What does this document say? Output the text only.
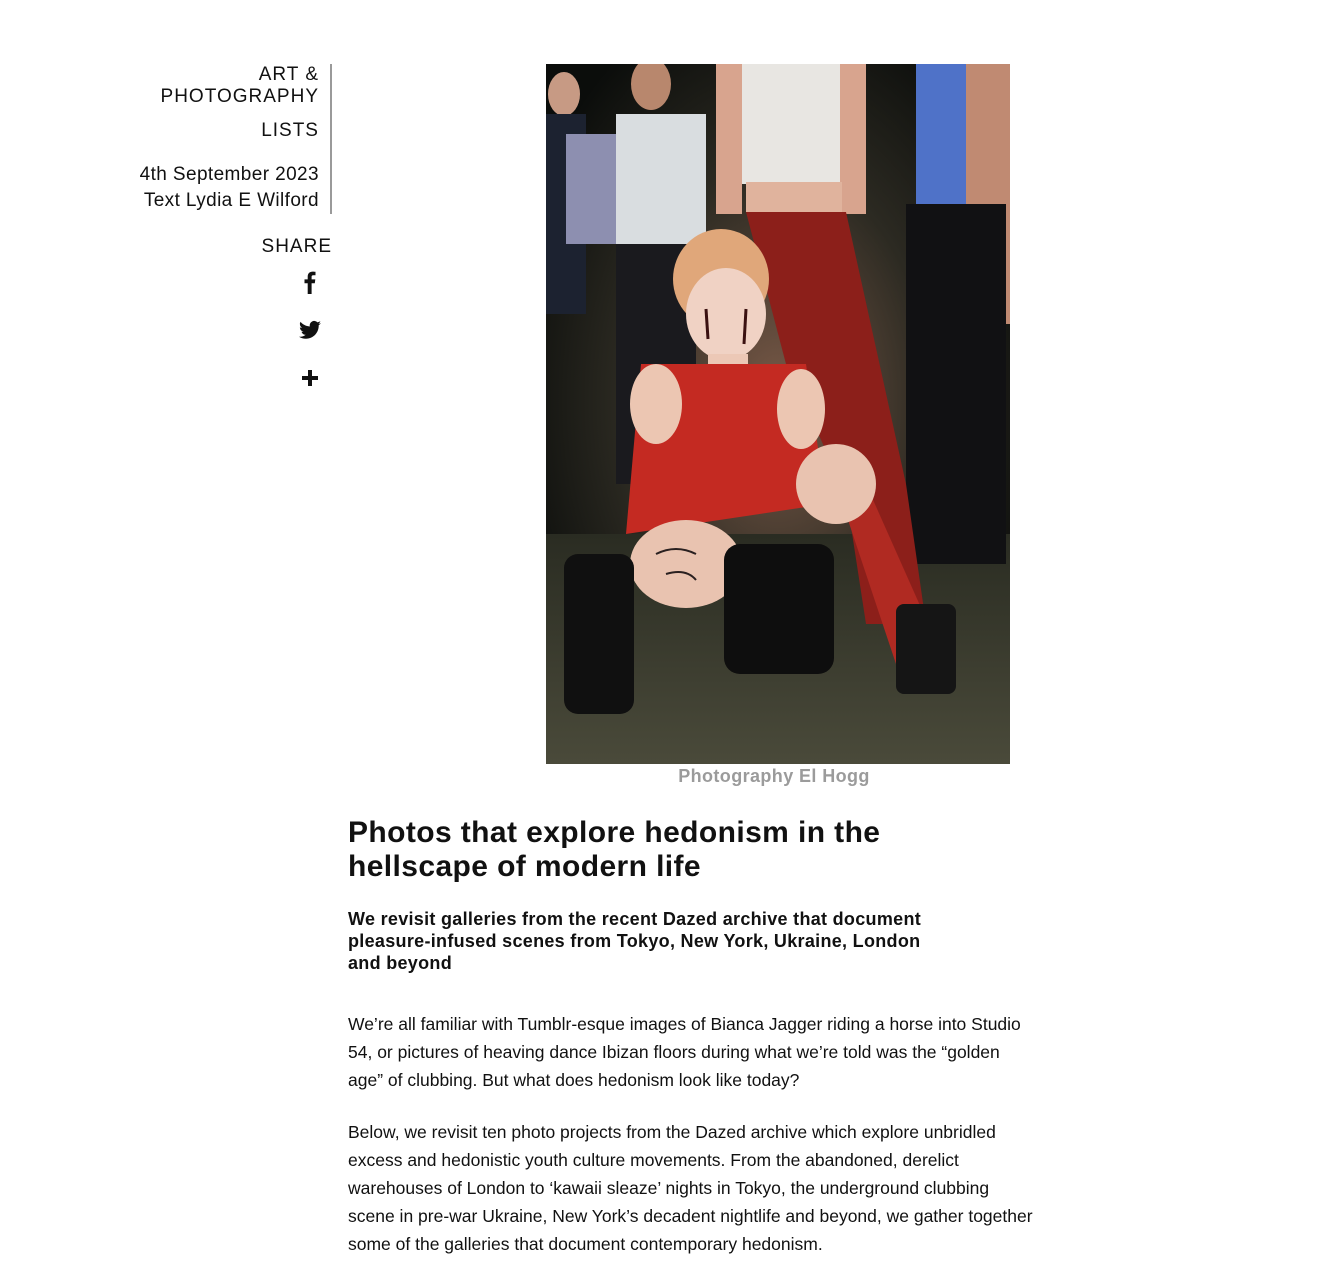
ART &
PHOTOGRAPHY
LISTS
4th September 2023
Text Lydia E Wilford
SHARE
Photography El Hogg
Photos that explore hedonism in the
hellscape of modern life

We revisit galleries from the recent Dazed archive that document
pleasure-infused scenes from Tokyo, New York, Ukraine, London
and beyond

We’re all familiar with Tumblr-esque images of Bianca Jagger riding a horse into Studio
54, or pictures of heaving dance Ibizan floors during what we’re told was the “golden
age” of clubbing. But what does hedonism look like today?

Below, we revisit ten photo projects from the Dazed archive which explore unbridled
excess and hedonistic youth culture movements. From the abandoned, derelict
warehouses of London to ‘kawaii sleaze’ nights in Tokyo, the underground clubbing
scene in pre-war Ukraine, New York’s decadent nightlife and beyond, we gather together
some of the galleries that document contemporary hedonism.
